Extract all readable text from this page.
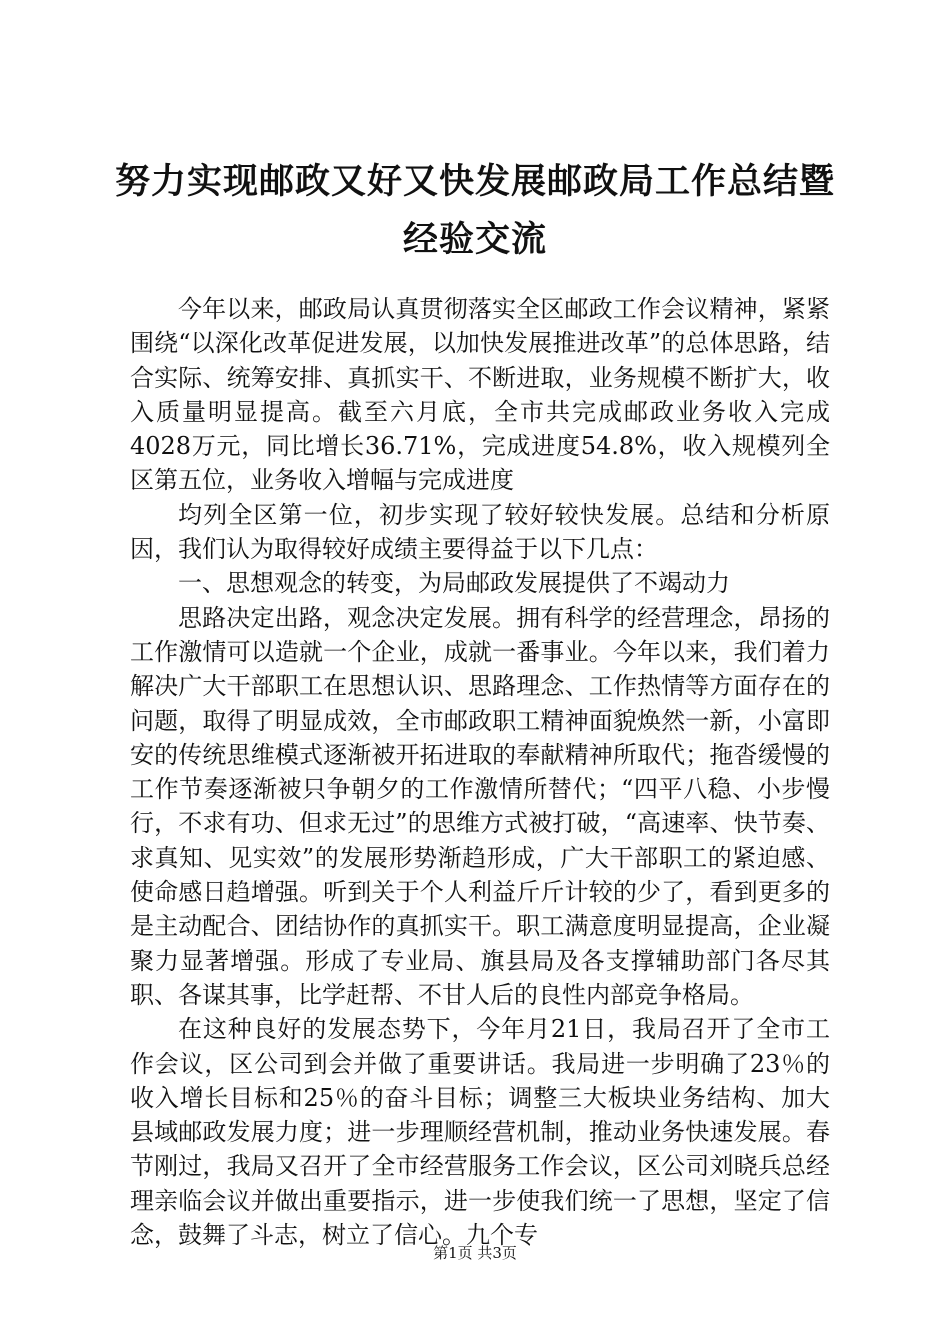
努力实现邮政又好又快发展邮政局工作总结暨
经验交流

今年以来，邮政局认真贯彻落实全区邮政工作会议精神，紧紧围绕“以深化改革促进发展，以加快发展推进改革”的总体思路，结合实际、统筹安排、真抓实干、不断进取，业务规模不断扩大，收入质量明显提高。截至六月底，全市共完成邮政业务收入完成4028万元，同比增长36.71%，完成进度54.8%，收入规模列全区第五位，业务收入增幅与完成进度

均列全区第一位，初步实现了较好较快发展。总结和分析原因，我们认为取得较好成绩主要得益于以下几点：

一、思想观念的转变，为局邮政发展提供了不竭动力

思路决定出路，观念决定发展。拥有科学的经营理念，昂扬的工作激情可以造就一个企业，成就一番事业。今年以来，我们着力解决广大干部职工在思想认识、思路理念、工作热情等方面存在的问题，取得了明显成效，全市邮政职工精神面貌焕然一新，小富即安的传统思维模式逐渐被开拓进取的奉献精神所取代；拖沓缓慢的工作节奏逐渐被只争朝夕的工作激情所替代；“四平八稳、小步慢行，不求有功、但求无过”的思维方式被打破，“高速率、快节奏、求真知、见实效”的发展形势渐趋形成，广大干部职工的紧迫感、使命感日趋增强。听到关于个人利益斤斤计较的少了，看到更多的是主动配合、团结协作的真抓实干。职工满意度明显提高，企业凝聚力显著增强。形成了专业局、旗县局及各支撑辅助部门各尽其职、各谋其事，比学赶帮、不甘人后的良性内部竞争格局。

在这种良好的发展态势下，今年月21日，我局召开了全市工作会议，区公司到会并做了重要讲话。我局进一步明确了23％的收入增长目标和25％的奋斗目标；调整三大板块业务结构、加大县域邮政发展力度；进一步理顺经营机制，推动业务快速发展。春节刚过，我局又召开了全市经营服务工作会议，区公司刘晓兵总经理亲临会议并做出重要指示，进一步使我们统一了思想，坚定了信念，鼓舞了斗志，树立了信心。九个专

第1页 共3页
